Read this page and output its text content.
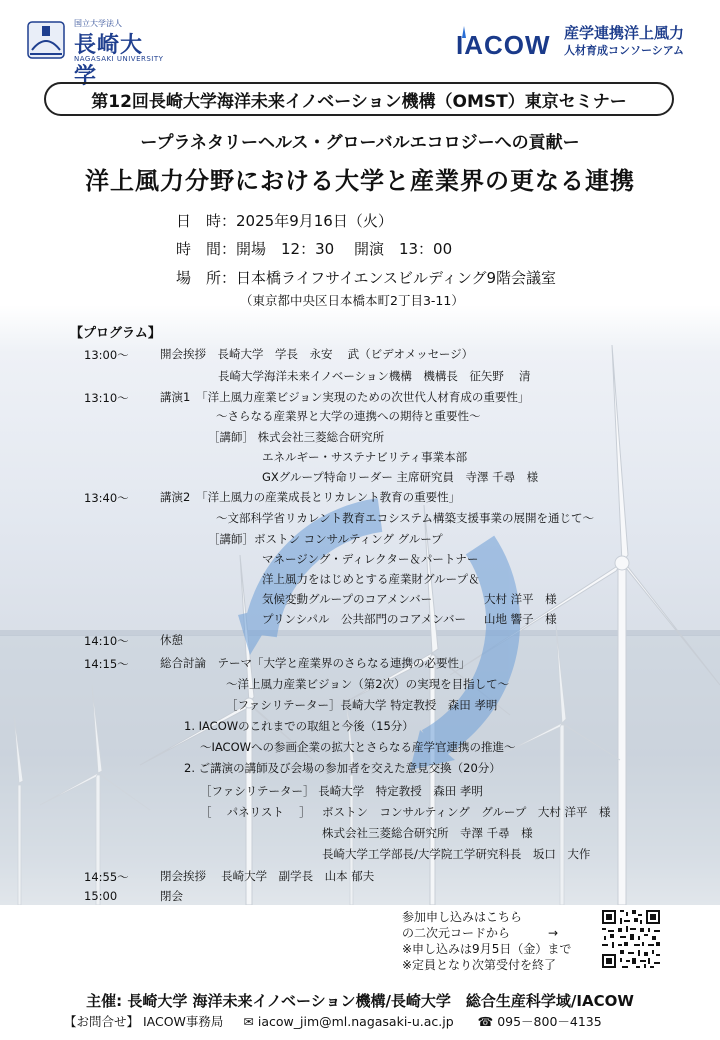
国立大学法人
長崎大学
NAGASAKI UNIVERSITY	IACOW 産学連携洋上風力
人材育成コンソーシアム
第12回長崎大学海洋未来イノベーション機構（OMST）東京セミナー
ープラネタリーヘルス・グローバルエコロジーへの貢献ー
洋上風力分野における大学と産業界の更なる連携
日　時：2025年9月16日（火）
時　間：開場　12：30　 開演　13：00
場　所：日本橋ライフサイエンスビルディング9階会議室
（東京都中央区日本橋本町2丁目3-11）
【プログラム】
13:00～	開会挨拶　長崎大学　学長　永安　 武（ビデオメッセージ）
長崎大学海洋未来イノベーション機構　機構長　征矢野　 清
13:10～	講演1　「洋上風力産業ビジョン実現のための次世代人材育成の重要性」
～さらなる産業界と大学の連携への期待と重要性～
［講師］ 株式会社三菱総合研究所
エネルギー・サステナビリティ事業本部
GXグループ特命リーダー 主席研究員　寺澤 千尋　様
13:40～	講演2　「洋上風力の産業成長とリカレント教育の重要性」
～文部科学省リカレント教育エコシステム構築支援事業の展開を通じて～
［講師］ボストン コンサルティング グループ
マネージング・ディレクター＆パートナー
洋上風力をはじめとする産業財グループ＆
気候変動グループのコアメンバー	大村 洋平　様
プリンシパル　公共部門のコアメンバー 山地 響子　様
14:10～	休憩
14:15～	総合討論　テーマ「大学と産業界のさらなる連携の必要性」
～洋上風力産業ビジョン（第2次）の実現を目指して～
［ファシリテーター］長崎大学 特定教授　森田 孝明
1. IACOWのこれまでの取組と今後（15分）
～IACOWへの参画企業の拡大とさらなる産学官連携の推進～
2. ご講演の講師及び会場の参加者を交えた意見交換（20分）
［ファシリテーター］ 長崎大学　特定教授　森田 孝明
［　 パネリスト　 ］ ボストン　コンサルティング　グループ　大村 洋平　様
株式会社三菱総合研究所　寺澤 千尋　様
長崎大学工学部長/大学院工学研究科長　坂口　大作
14:55～	閉会挨拶　 長崎大学　副学長　山本 郁夫
15:00	閉会
参加申し込みはこちら
の二次元コードから	→
※申し込みは9月5日（金）まで
※定員となり次第受付を終了
主催: 長崎大学 海洋未来イノベーション機構/長崎大学　総合生産科学域/IACOW
【お問合せ】 IACOW事務局 ✉ iacow_jim@ml.nagasaki-u.ac.jp ☎ 095－800－4135
